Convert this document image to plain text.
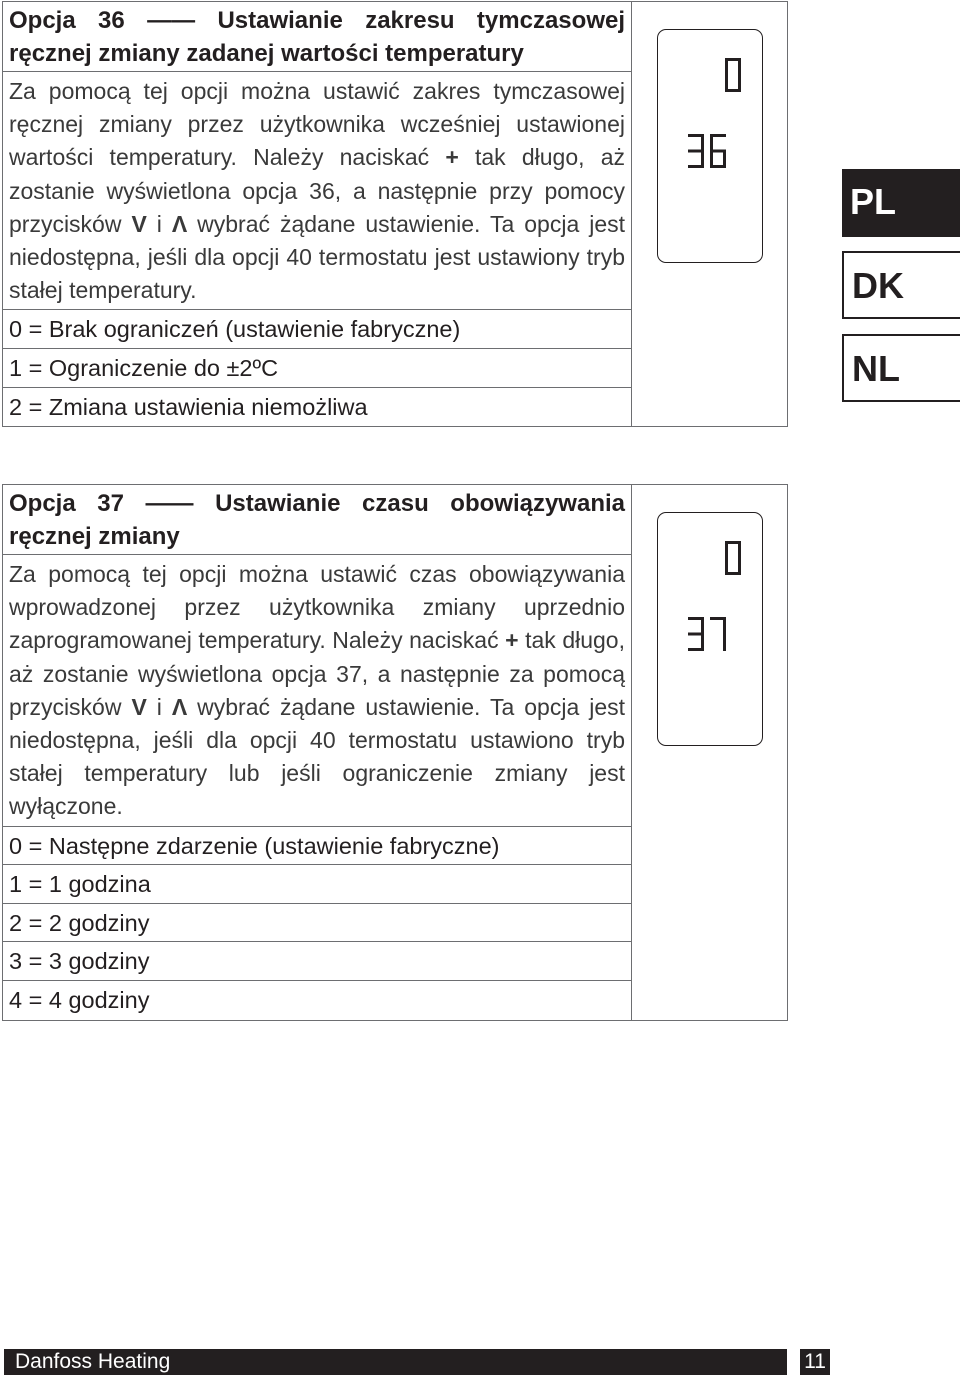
Opcja 36 —— Ustawianie zakresu tymczasowej ręcznej zmiany zadanej wartości temperatury
Za pomocą tej opcji można ustawić zakres tymczasowej ręcznej zmiany przez użytkownika wcześniej ustawionej wartości temperatury. Należy naciskać + tak długo, aż zostanie wyświetlona opcja 36, a następnie przy pomocy przycisków V i Λ wybrać żądane ustawienie. Ta opcja jest niedostępna, jeśli dla opcji 40 termostatu jest ustawiony tryb stałej temperatury.
0 = Brak ograniczeń (ustawienie fabryczne)
1 = Ograniczenie do ±2ºC
2 = Zmiana ustawienia niemożliwa
Opcja 37 —— Ustawianie czasu obowiązywania ręcznej zmiany
Za pomocą tej opcji można ustawić czas obowiązywania wprowadzonej przez użytkownika zmiany uprzednio zaprogramowanej temperatury. Należy naciskać + tak długo, aż zostanie wyświetlona opcja 37, a następnie za pomocą przycisków V i Λ wybrać żądane ustawienie. Ta opcja jest niedostępna, jeśli dla opcji 40 termostatu ustawiono tryb stałej temperatury lub jeśli ograniczenie zmiany jest wyłączone.
0 = Następne zdarzenie (ustawienie fabryczne)
1 = 1 godzina
2 = 2 godziny
3 = 3 godziny
4 = 4 godziny
PL
DK
NL
Danfoss Heating	11
